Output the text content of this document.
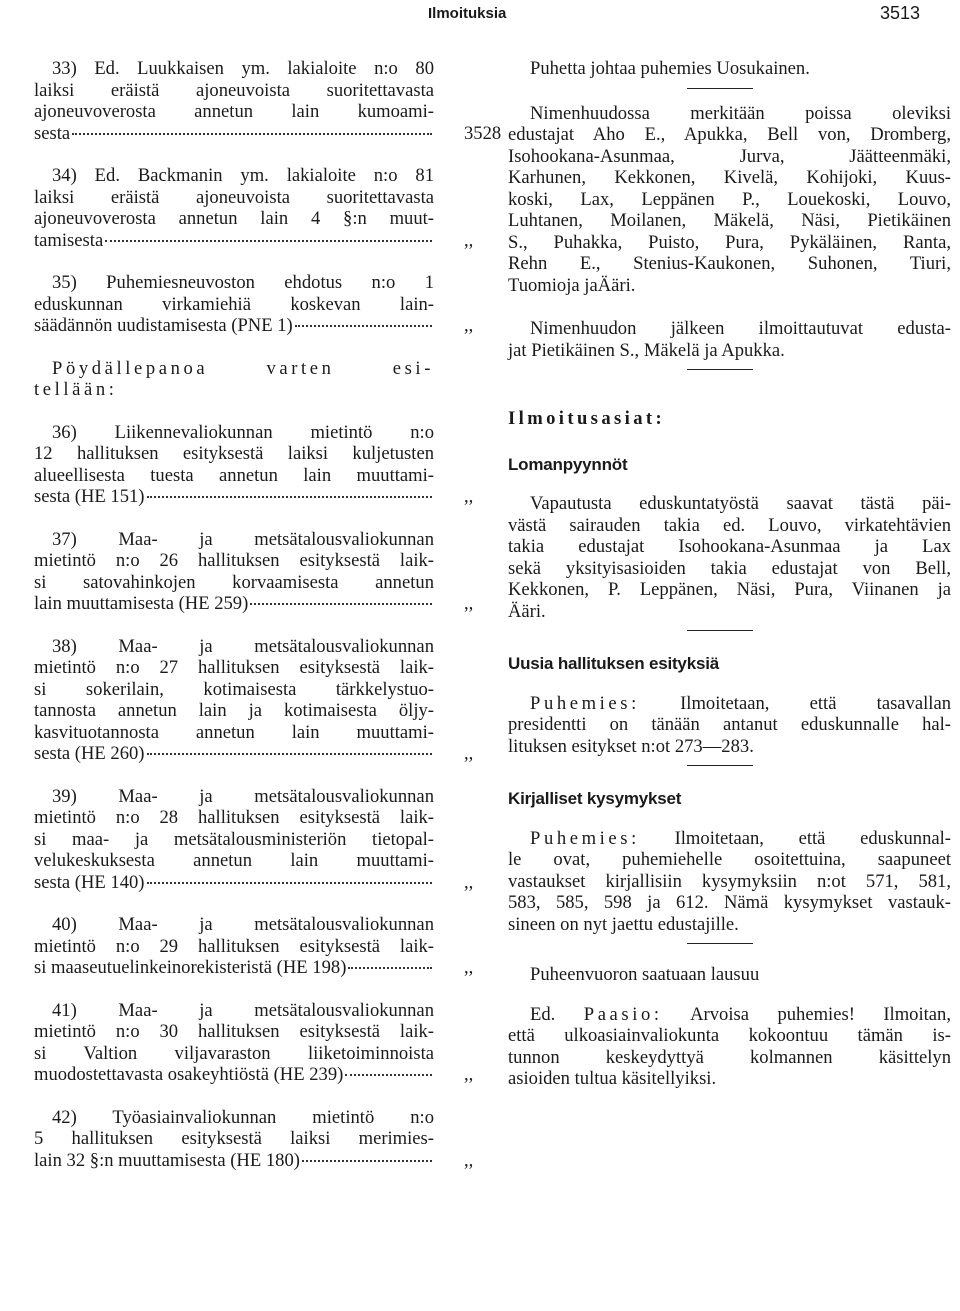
Ilmoituksia	3513
33) Ed. Luukkaisen ym. lakialoite n:o 80
laiksi eräistä ajoneuvoista suoritettavasta
ajoneuvoverosta annetun lain kumoami-
sesta	3528
34) Ed. Backmanin ym. lakialoite n:o 81
laiksi eräistä ajoneuvoista suoritettavasta
ajoneuvoverosta annetun lain 4 §:n muut-
tamisesta	,,
35) Puhemiesneuvoston ehdotus n:o 1
eduskunnan virkamiehiä koskevan lain-
säädännön uudistamisesta (PNE 1)	,,
Pöydällepanoa varten esi-
tellään:
36) Liikennevaliokunnan mietintö n:o
12 hallituksen esityksestä laiksi kuljetusten
alueellisesta tuesta annetun lain muuttami-
sesta (HE 151)	,,
37) Maa- ja metsätalousvaliokunnan
mietintö n:o 26 hallituksen esityksestä laik-
si satovahinkojen korvaamisesta annetun
lain muuttamisesta (HE 259)	,,
38) Maa- ja metsätalousvaliokunnan
mietintö n:o 27 hallituksen esityksestä laik-
si sokerilain, kotimaisesta tärkkelystuo-
tannosta annetun lain ja kotimaisesta öljy-
kasvituotannosta annetun lain muuttami-
sesta (HE 260)	,,
39) Maa- ja metsätalousvaliokunnan
mietintö n:o 28 hallituksen esityksestä laik-
si maa- ja metsätalousministeriön tietopal-
velukeskuksesta annetun lain muuttami-
sesta (HE 140)	,,
40) Maa- ja metsätalousvaliokunnan
mietintö n:o 29 hallituksen esityksestä laik-
si maaseutuelinkeinorekisteristä (HE 198)	,,
41) Maa- ja metsätalousvaliokunnan
mietintö n:o 30 hallituksen esityksestä laik-
si Valtion viljavaraston liiketoiminnoista
muodostettavasta osakeyhtiöstä (HE 239)	,,
42) Työasiainvaliokunnan mietintö n:o
5 hallituksen esityksestä laiksi merimies-
lain 32 §:n muuttamisesta (HE 180)	,,
Puhetta johtaa puhemies Uosukainen.
Nimenhuudossa merkitään poissa oleviksi
edustajat Aho E., Apukka, Bell von, Dromberg,
Isohookana-Asunmaa, Jurva, Jäätteenmäki,
Karhunen, Kekkonen, Kivelä, Kohijoki, Kuus-
koski, Lax, Leppänen P., Louekoski, Louvo,
Luhtanen, Moilanen, Mäkelä, Näsi, Pietikäinen
S., Puhakka, Puisto, Pura, Pykäläinen, Ranta,
Rehn E., Stenius-Kaukonen, Suhonen, Tiuri,
Tuomioja jaÄäri.
Nimenhuudon jälkeen ilmoittautuvat edusta-
jat Pietikäinen S., Mäkelä ja Apukka.
Ilmoitusasiat:
Lomanpyynnöt
Vapautusta eduskuntatyöstä saavat tästä päi-
västä sairauden takia ed. Louvo, virkatehtävien
takia edustajat Isohookana-Asunmaa ja Lax
sekä yksityisasioiden takia edustajat von Bell,
Kekkonen, P. Leppänen, Näsi, Pura, Viinanen ja
Ääri.
Uusia hallituksen esityksiä
Puhemies: Ilmoitetaan, että tasavallan
presidentti on tänään antanut eduskunnalle hal-
lituksen esitykset n:ot 273—283.
Kirjalliset kysymykset
Puhemies: Ilmoitetaan, että eduskunnal-
le ovat, puhemiehelle osoitettuina, saapuneet
vastaukset kirjallisiin kysymyksiin n:ot 571, 581,
583, 585, 598 ja 612. Nämä kysymykset vastauk-
sineen on nyt jaettu edustajille.
Puheenvuoron saatuaan lausuu
Ed. Paasio: Arvoisa puhemies! Ilmoitan,
että ulkoasiainvaliokunta kokoontuu tämän is-
tunnon keskeydyttyä kolmannen käsittelyn
asioiden tultua käsitellyiksi.
